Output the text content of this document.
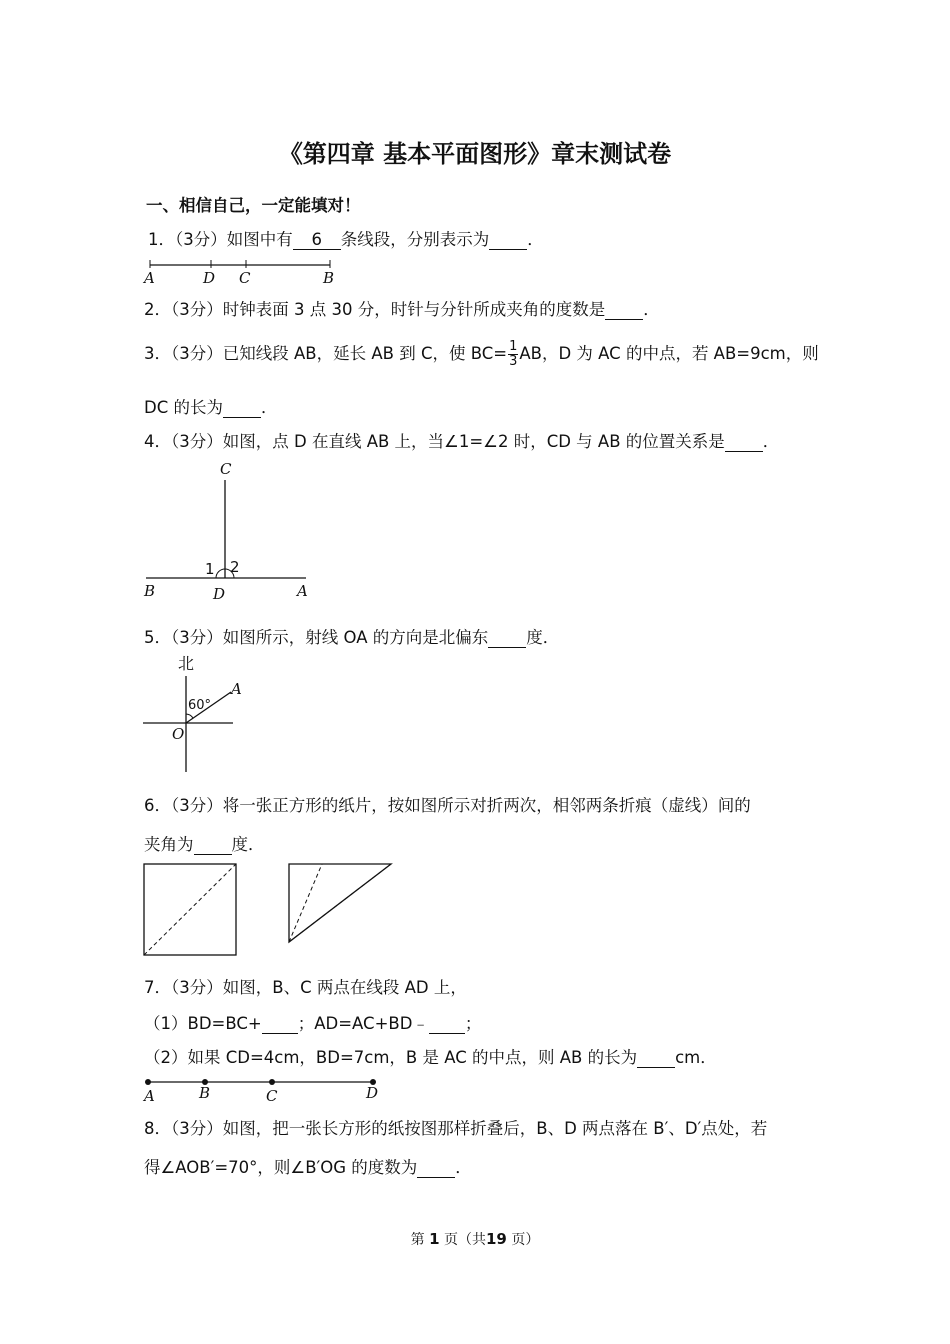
《第四章 基本平面图形》章末测试卷
一、相信自己，一定能填对！
1．（3分）如图中有 6 条线段，分别表示为 ．
A	D C	B
2．（3分）时钟表面 3 点 30 分，时针与分针所成夹角的度数是 ．
3．（3分）已知线段 AB，延长 AB 到 C，使 $BC= \frac{1}{3}$ AB，D 为 AC 的中点，若 AB=9cm，则
DC 的长为 ．
4．（3分）如图，点 D 在直线 AB 上，当∠1=∠2 时，CD 与 AB 的位置关系是 ．
C
B	D	A
1 2
5．（3分）如图所示，射线 OA 的方向是北偏东 度．
北
60°
A
O
6．（3分）将一张正方形的纸片，按如图所示对折两次，相邻两条折痕（虚线）间的
夹角为 度．
7．（3分）如图，B、C 两点在线段 AD 上，
（1）BD=BC+ ；AD=AC+BD﹣ ；
（2）如果 CD=4cm，BD=7cm，B 是 AC 的中点，则 AB 的长为 cm．
A	B	C	D
8．（3分）如图，把一张长方形的纸按图那样折叠后，B、D 两点落在 B′、D′点处，若
得∠AOB′=70°，则∠B′OG 的度数为 ．
第 1 页（共19 页）
